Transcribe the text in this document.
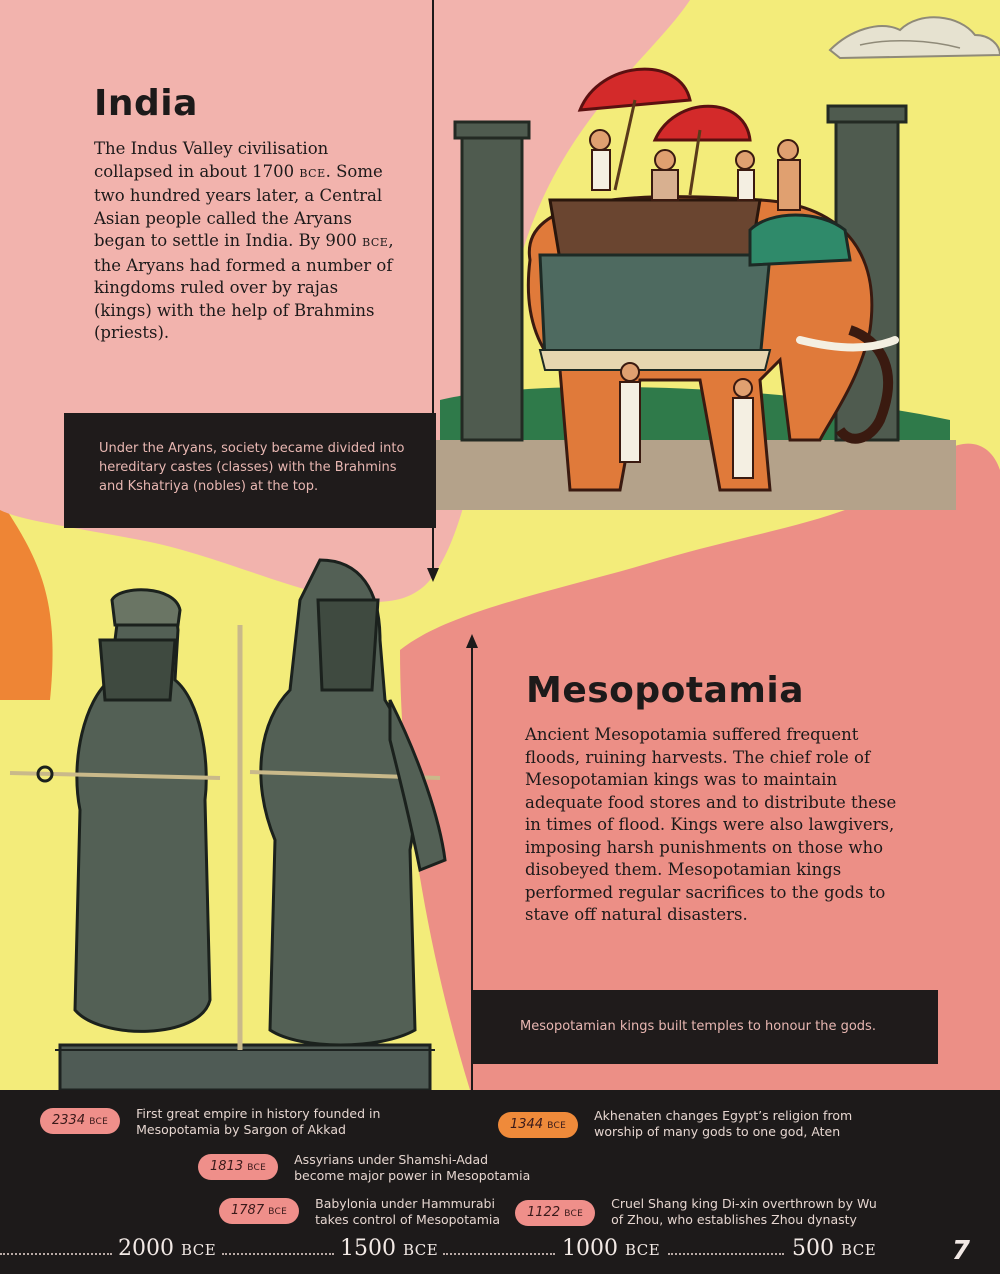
India

The Indus Valley civilisation collapsed in about 1700 BCE. Some two hundred years later, a Central Asian people called the Aryans began to settle in India. By 900 BCE, the Aryans had formed a number of kingdoms ruled over by rajas (kings) with the help of Brahmins (priests).

Under the Aryans, society became divided into hereditary castes (classes) with the Brahmins and Kshatriya (nobles) at the top.
Mesopotamia

Ancient Mesopotamia suffered frequent floods, ruining harvests. The chief role of Mesopotamian kings was to maintain adequate food stores and to distribute these in times of flood. Kings were also lawgivers, imposing harsh punishments on those who disobeyed them. Mesopotamian kings performed regular sacrifices to the gods to stave off natural disasters.

Mesopotamian kings built temples to honour the gods.
2334 BCE
First great empire in history founded in Mesopotamia by Sargon of Akkad
1813 BCE
Assyrians under Shamshi-Adad become major power in Mesopotamia
1787 BCE
Babylonia under Hammurabi takes control of Mesopotamia
1344 BCE
Akhenaten changes Egypt’s religion from worship of many gods to one god, Aten
1122 BCE
Cruel Shang king Di-xin overthrown by Wu of Zhou, who establishes Zhou dynasty
2000 BCE	1500 BCE	1000 BCE	500 BCE	7
